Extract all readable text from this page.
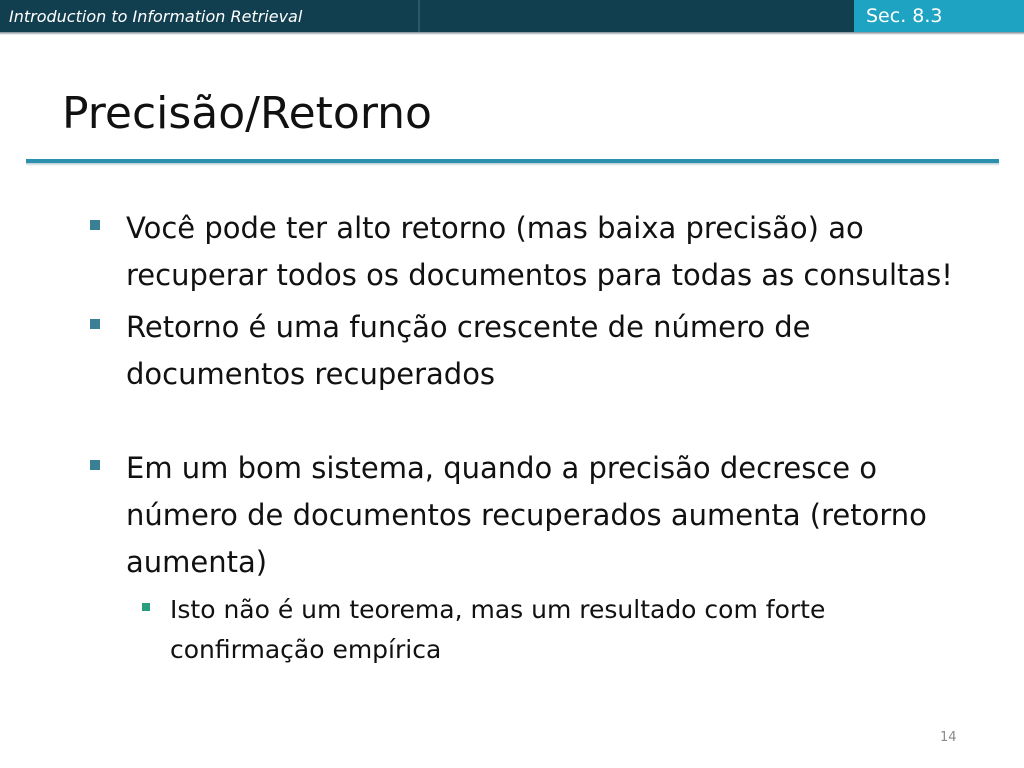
Introduction to Information Retrieval	Sec. 8.3
Precisão/Retorno
Você pode ter alto retorno (mas baixa precisão) ao recuperar todos os documentos para todas as consultas!
Retorno é uma função crescente de número de documentos recuperados
Em um bom sistema, quando a precisão decresce o número de documentos recuperados aumenta (retorno aumenta)
Isto não é um teorema, mas um resultado com forte confirmação empírica
14
